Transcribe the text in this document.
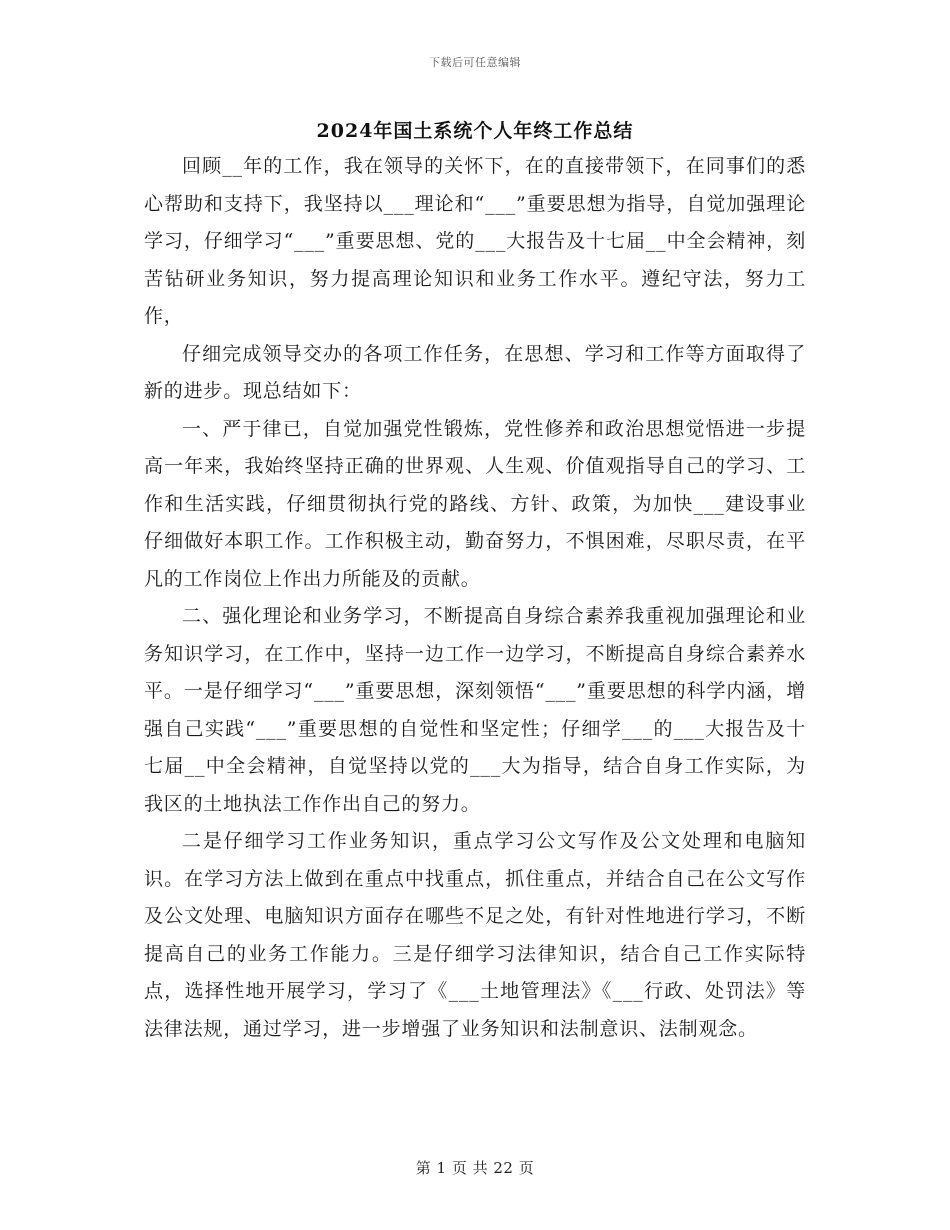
下载后可任意编辑
2024年国土系统个人年终工作总结

回顾__年的工作，我在领导的关怀下，在的直接带领下，在同事们的悉心帮助和支持下，我坚持以___理论和“___”重要思想为指导，自觉加强理论学习，仔细学习“___”重要思想、党的___大报告及十七届__中全会精神，刻苦钻研业务知识，努力提高理论知识和业务工作水平。遵纪守法，努力工作，

仔细完成领导交办的各项工作任务，在思想、学习和工作等方面取得了新的进步。现总结如下：

一、严于律已，自觉加强党性锻炼，党性修养和政治思想觉悟进一步提高一年来，我始终坚持正确的世界观、人生观、价值观指导自己的学习、工作和生活实践，仔细贯彻执行党的路线、方针、政策，为加快___建设事业仔细做好本职工作。工作积极主动，勤奋努力，不惧困难，尽职尽责，在平凡的工作岗位上作出力所能及的贡献。

二、强化理论和业务学习，不断提高自身综合素养我重视加强理论和业务知识学习，在工作中，坚持一边工作一边学习，不断提高自身综合素养水平。一是仔细学习“___”重要思想，深刻领悟“___”重要思想的科学内涵，增强自己实践“___”重要思想的自觉性和坚定性；仔细学___的___大报告及十七届__中全会精神，自觉坚持以党的___大为指导，结合自身工作实际，为我区的土地执法工作作出自己的努力。

二是仔细学习工作业务知识，重点学习公文写作及公文处理和电脑知识。在学习方法上做到在重点中找重点，抓住重点，并结合自己在公文写作及公文处理、电脑知识方面存在哪些不足之处，有针对性地进行学习，不断提高自己的业务工作能力。三是仔细学习法律知识，结合自己工作实际特点，选择性地开展学习，学习了《___土地管理法》《___行政、处罚法》等法律法规，通过学习，进一步增强了业务知识和法制意识、法制观念。

第 1 页 共 22 页
